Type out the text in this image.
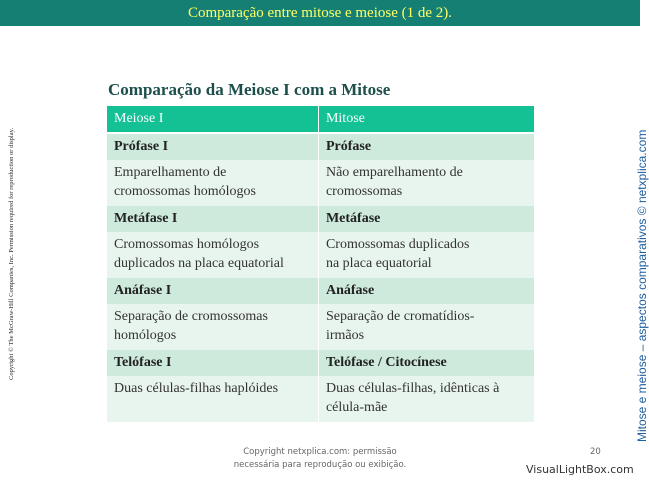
Comparação entre mitose e meiose (1 de 2).
Copyright © The McGraw-Hill Companies, Inc. Permission required for reproduction or display.	Mitose e meiose – aspectos comparativos © netxplica.com
Comparação da Meiose I com a Mitose
Meiose I	Mitose
Prófase I	Prófase
Emparelhamento de
cromossomas homólogos	Não emparelhamento de
cromossomas
Metáfase I	Metáfase
Cromossomas homólogos
duplicados na placa equatorial	Cromossomas duplicados
na placa equatorial
Anáfase I	Anáfase
Separação de cromossomas
homólogos	Separação de cromatídios-
irmãos
Telófase I	Telófase / Citocínese
Duas células-filhas haplóides	Duas células-filhas, idênticas à
célula-mãe
Copyright netxplica.com: permissão
necessária para reprodução ou exibição.
20
VisualLightBox.com
